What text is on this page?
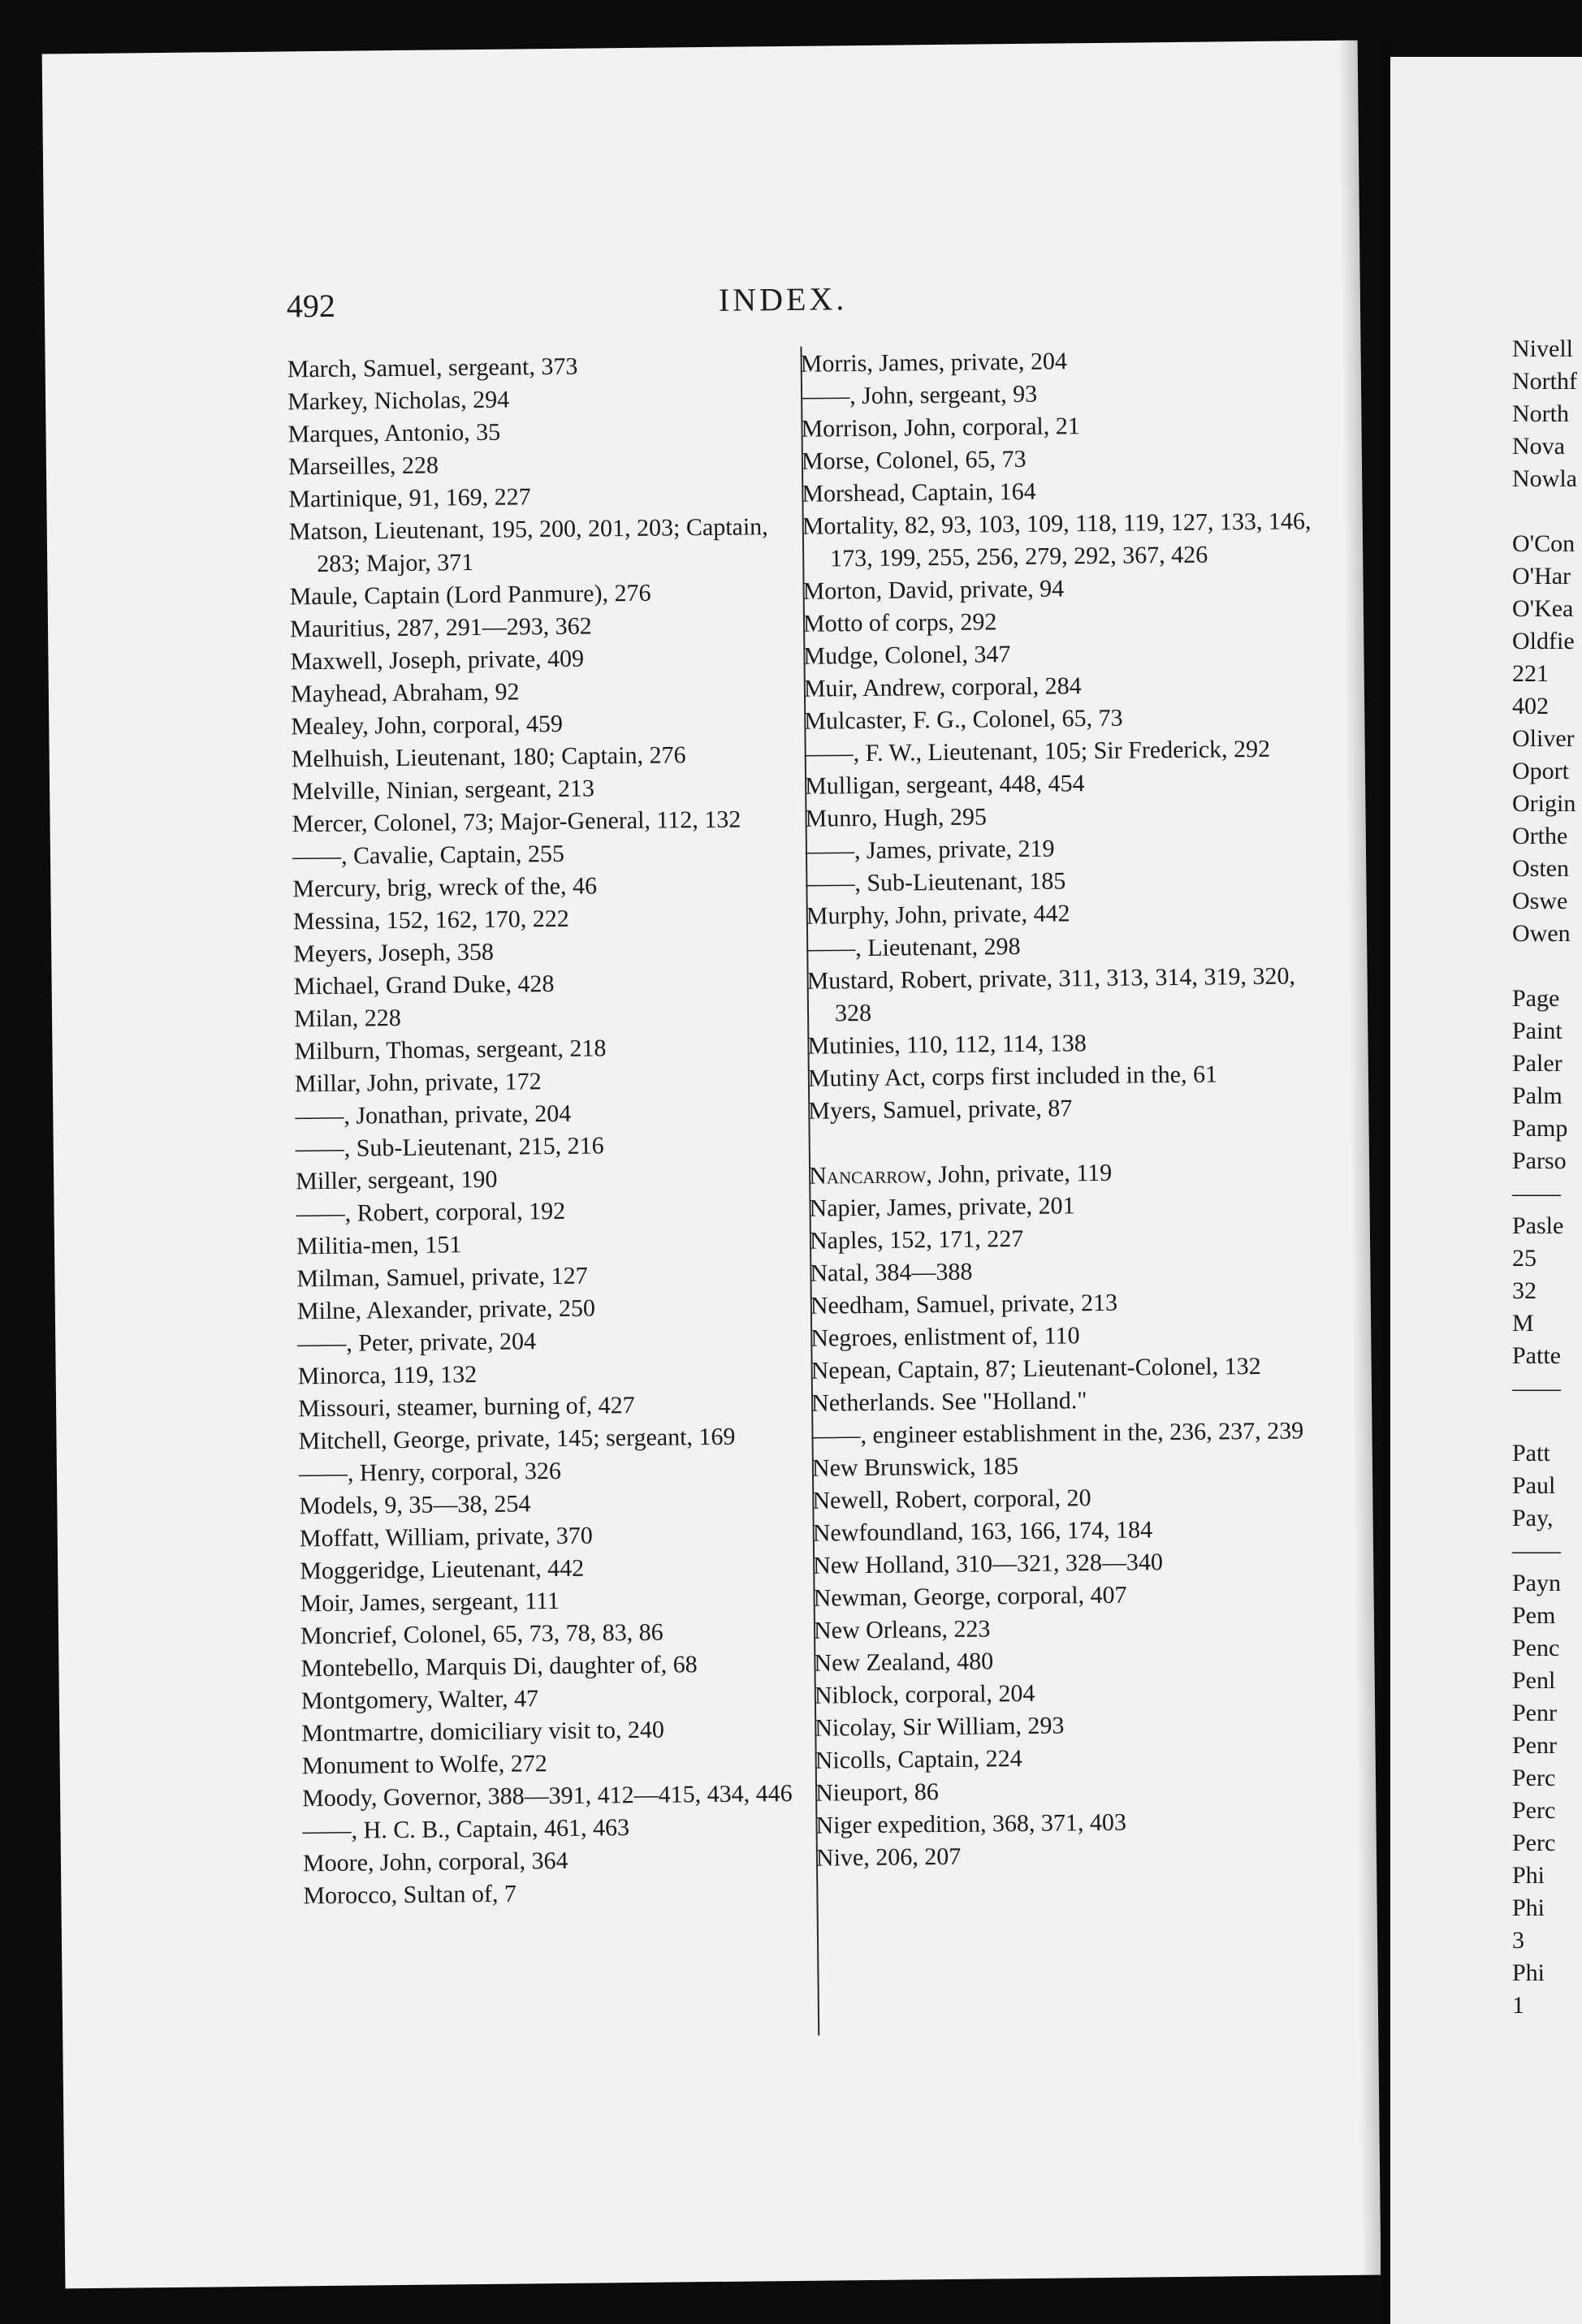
492	INDEX.

March, Samuel, sergeant, 373

Markey, Nicholas, 294

Marques, Antonio, 35

Marseilles, 228

Martinique, 91, 169, 227

Matson, Lieutenant, 195, 200, 201, 203; Captain, 283; Major, 371

Maule, Captain (Lord Panmure), 276

Mauritius, 287, 291—293, 362

Maxwell, Joseph, private, 409

Mayhead, Abraham, 92

Mealey, John, corporal, 459

Melhuish, Lieutenant, 180; Captain, 276

Melville, Ninian, sergeant, 213

Mercer, Colonel, 73; Major-General, 112, 132

——, Cavalie, Captain, 255

Mercury, brig, wreck of the, 46

Messina, 152, 162, 170, 222

Meyers, Joseph, 358

Michael, Grand Duke, 428

Milan, 228

Milburn, Thomas, sergeant, 218

Millar, John, private, 172

——, Jonathan, private, 204

——, Sub-Lieutenant, 215, 216

Miller, sergeant, 190

——, Robert, corporal, 192

Militia-men, 151

Milman, Samuel, private, 127

Milne, Alexander, private, 250

——, Peter, private, 204

Minorca, 119, 132

Missouri, steamer, burning of, 427

Mitchell, George, private, 145; sergeant, 169

——, Henry, corporal, 326

Models, 9, 35—38, 254

Moffatt, William, private, 370

Moggeridge, Lieutenant, 442

Moir, James, sergeant, 111

Moncrief, Colonel, 65, 73, 78, 83, 86

Montebello, Marquis Di, daughter of, 68

Montgomery, Walter, 47

Montmartre, domiciliary visit to, 240

Monument to Wolfe, 272

Moody, Governor, 388—391, 412—415, 434, 446

——, H. C. B., Captain, 461, 463

Moore, John, corporal, 364

Morocco, Sultan of, 7

Morris, James, private, 204

——, John, sergeant, 93

Morrison, John, corporal, 21

Morse, Colonel, 65, 73

Morshead, Captain, 164

Mortality, 82, 93, 103, 109, 118, 119, 127, 133, 146, 173, 199, 255, 256, 279, 292, 367, 426

Morton, David, private, 94

Motto of corps, 292

Mudge, Colonel, 347

Muir, Andrew, corporal, 284

Mulcaster, F. G., Colonel, 65, 73

——, F. W., Lieutenant, 105; Sir Frederick, 292

Mulligan, sergeant, 448, 454

Munro, Hugh, 295

——, James, private, 219

——, Sub-Lieutenant, 185

Murphy, John, private, 442

——, Lieutenant, 298

Mustard, Robert, private, 311, 313, 314, 319, 320, 328

Mutinies, 110, 112, 114, 138

Mutiny Act, corps first included in the, 61

Myers, Samuel, private, 87

Nancarrow, John, private, 119

Napier, James, private, 201

Naples, 152, 171, 227

Natal, 384—388

Needham, Samuel, private, 213

Negroes, enlistment of, 110

Nepean, Captain, 87; Lieutenant-Colonel, 132

Netherlands. See "Holland."

——, engineer establishment in the, 236, 237, 239

New Brunswick, 185

Newell, Robert, corporal, 20

Newfoundland, 163, 166, 174, 184

New Holland, 310—321, 328—340

Newman, George, corporal, 407

New Orleans, 223

New Zealand, 480

Niblock, corporal, 204

Nicolay, Sir William, 293

Nicolls, Captain, 224

Nieuport, 86

Niger expedition, 368, 371, 403

Nive, 206, 207

Nivell
Northf
North
Nova
Nowla
O'Con
O'Har
O'Kea
Oldfie
221
402
Oliver
Oport
Origin
Orthe
Osten
Oswe
Owen
Page
Paint
Paler
Palm
Pamp
Parso
——
Pasle
25
32
M
Patte
——
Patt
Paul
Pay,
——
Payn
Pem
Penc
Penl
Penr
Penr
Perc
Perc
Perc
Phi
Phi
3
Phi
1
